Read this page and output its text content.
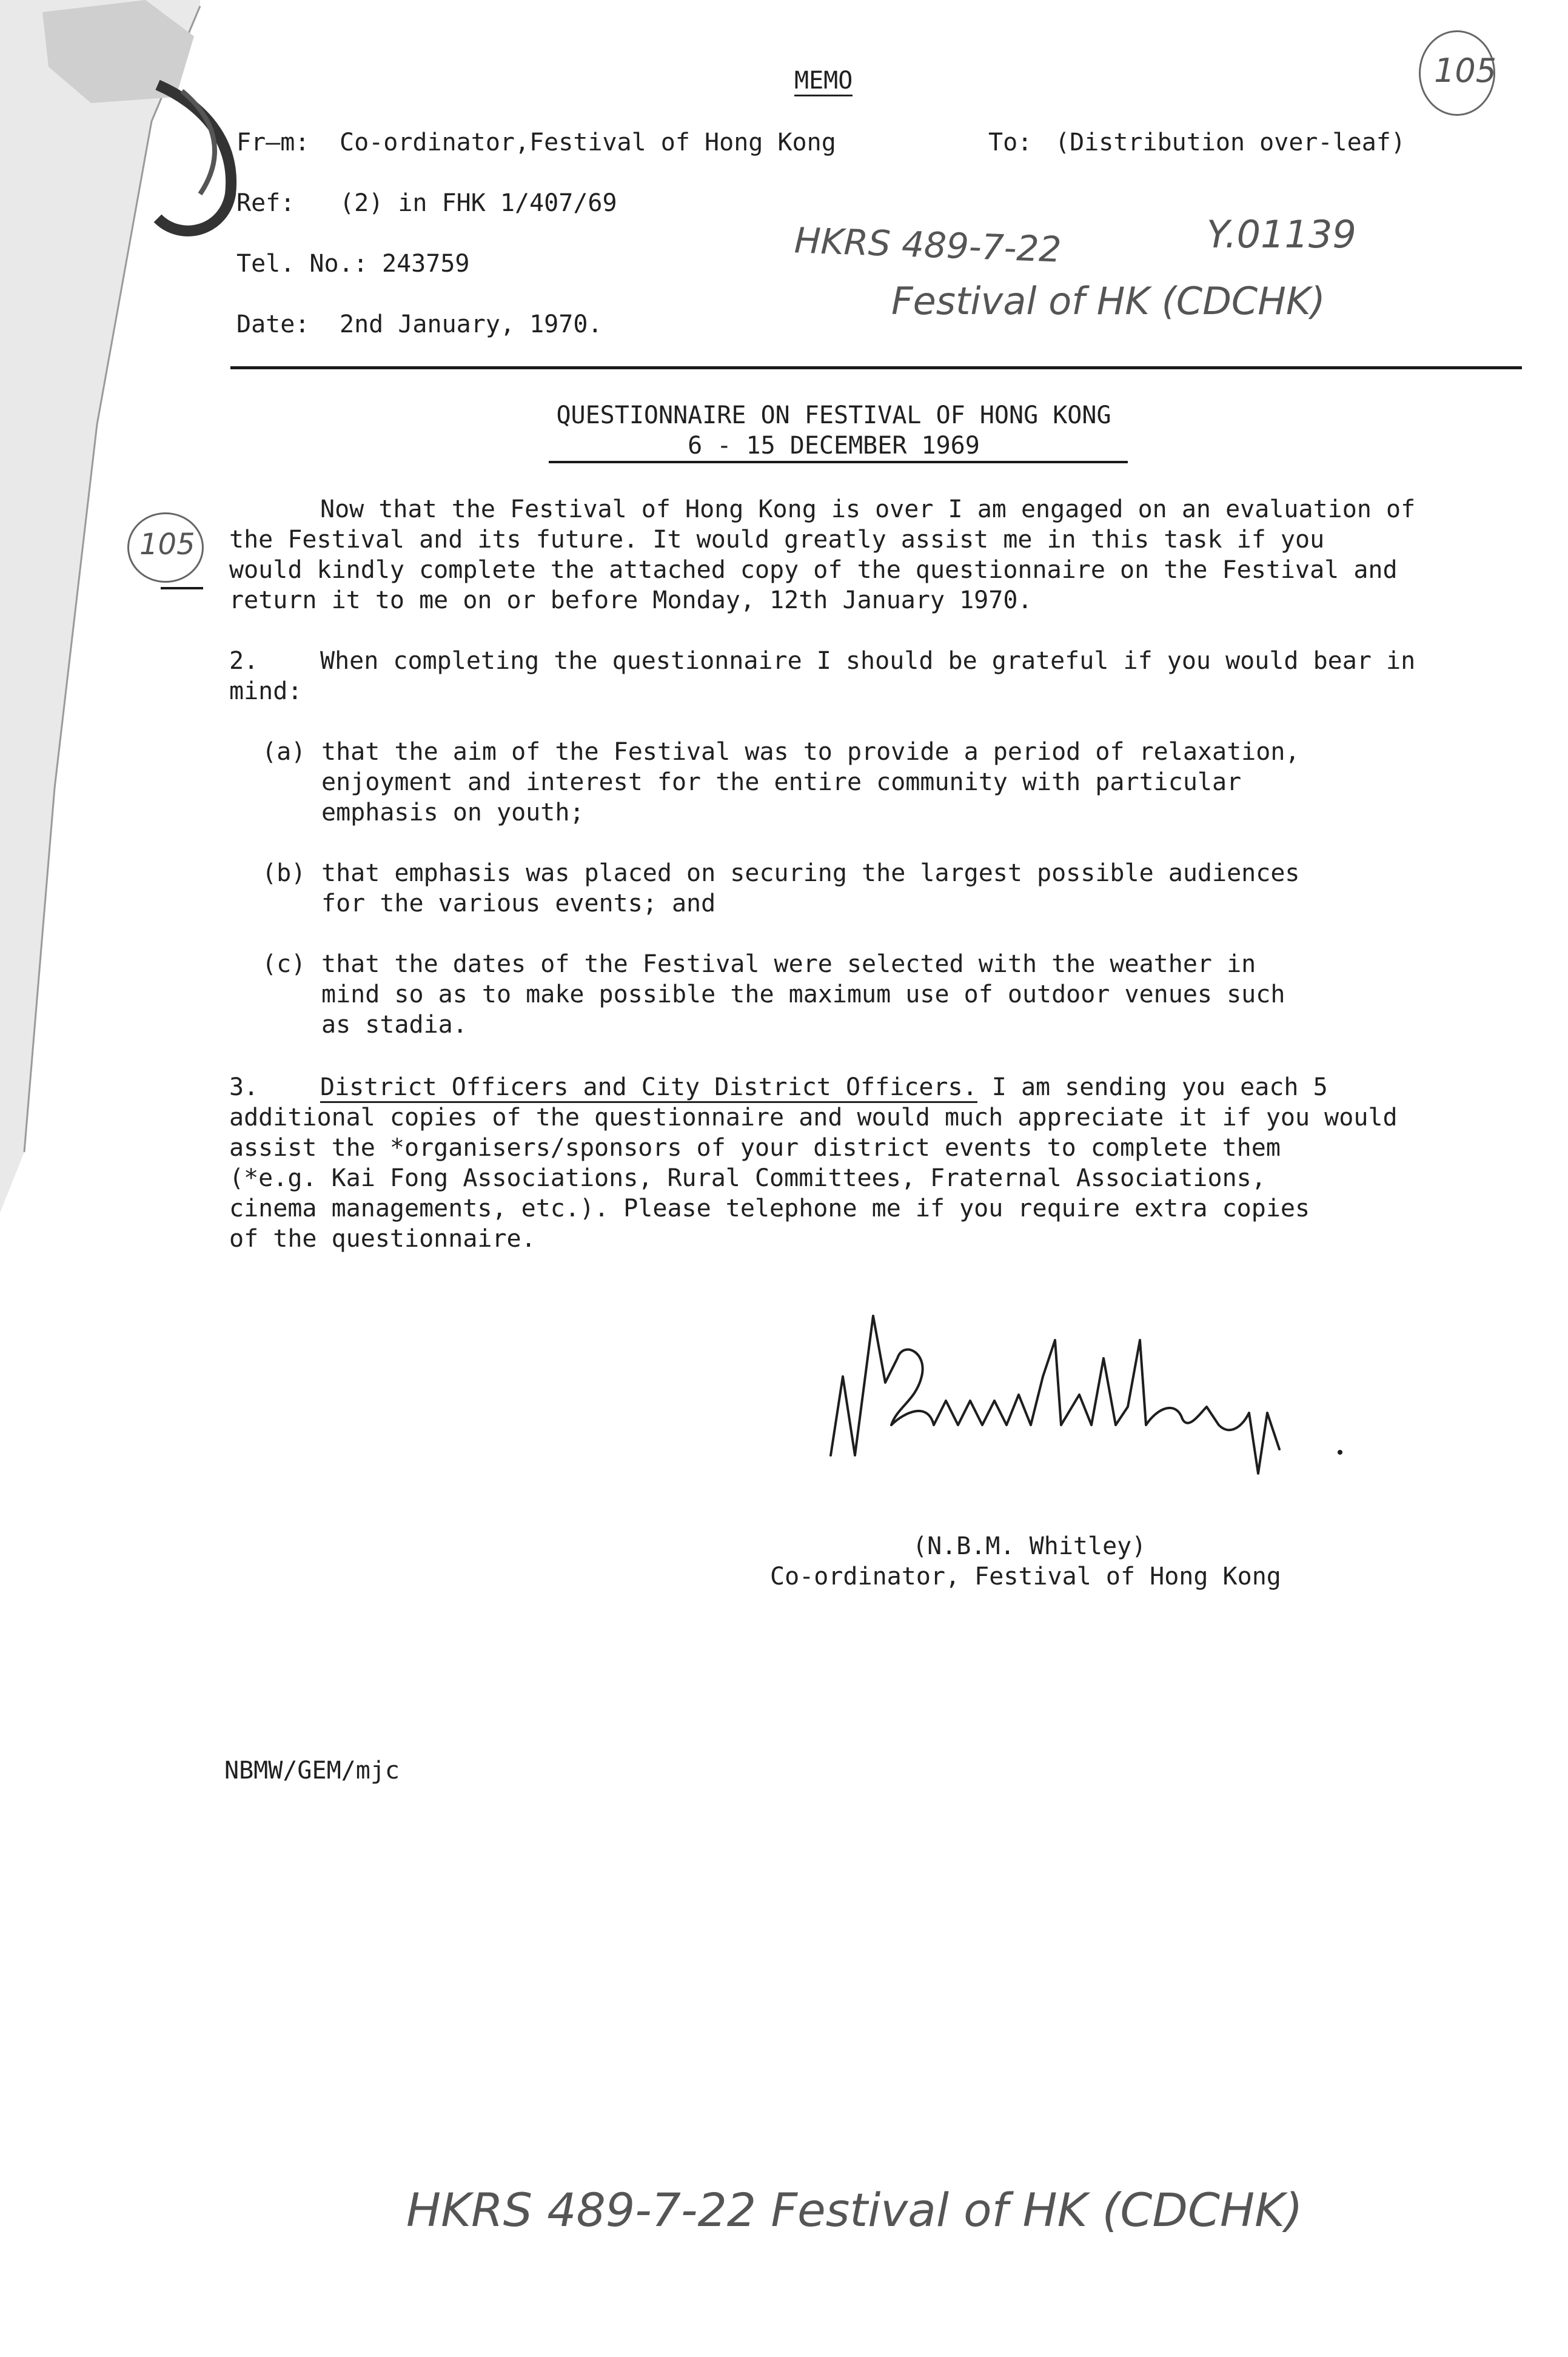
MEMO	105
Fr—m: Co-ordinator,Festival of Hong Kong	To: (Distribution over-leaf)
Ref: (2) in FHK 1/407/69
Tel. No.: 243759
Date: 2nd January, 1970.
HKRS 489-7-22	Y.01139
Festival of HK (CDCHK)
QUESTIONNAIRE ON FESTIVAL OF HONG KONG
6 - 15 DECEMBER 1969
105
Now that the Festival of Hong Kong is over I am engaged on an evaluation of
the Festival and its future. It would greatly assist me in this task if you
would kindly complete the attached copy of the questionnaire on the Festival and
return it to me on or before Monday, 12th January 1970.
2.	When completing the questionnaire I should be grateful if you would bear in
mind:
(a) that the aim of the Festival was to provide a period of relaxation,
enjoyment and interest for the entire community with particular
emphasis on youth;
(b) that emphasis was placed on securing the largest possible audiences
for the various events; and
(c) that the dates of the Festival were selected with the weather in
mind so as to make possible the maximum use of outdoor venues such
as stadia.
3.	District Officers and City District Officers. I am sending you each 5
additional copies of the questionnaire and would much appreciate it if you would
assist the *organisers/sponsors of your district events to complete them
(*e.g. Kai Fong Associations, Rural Committees, Fraternal Associations,
cinema managements, etc.). Please telephone me if you require extra copies
of the questionnaire.
(N.B.M. Whitley)
Co-ordinator, Festival of Hong Kong
NBMW/GEM/mjc
HKRS 489-7-22 Festival of HK (CDCHK)
